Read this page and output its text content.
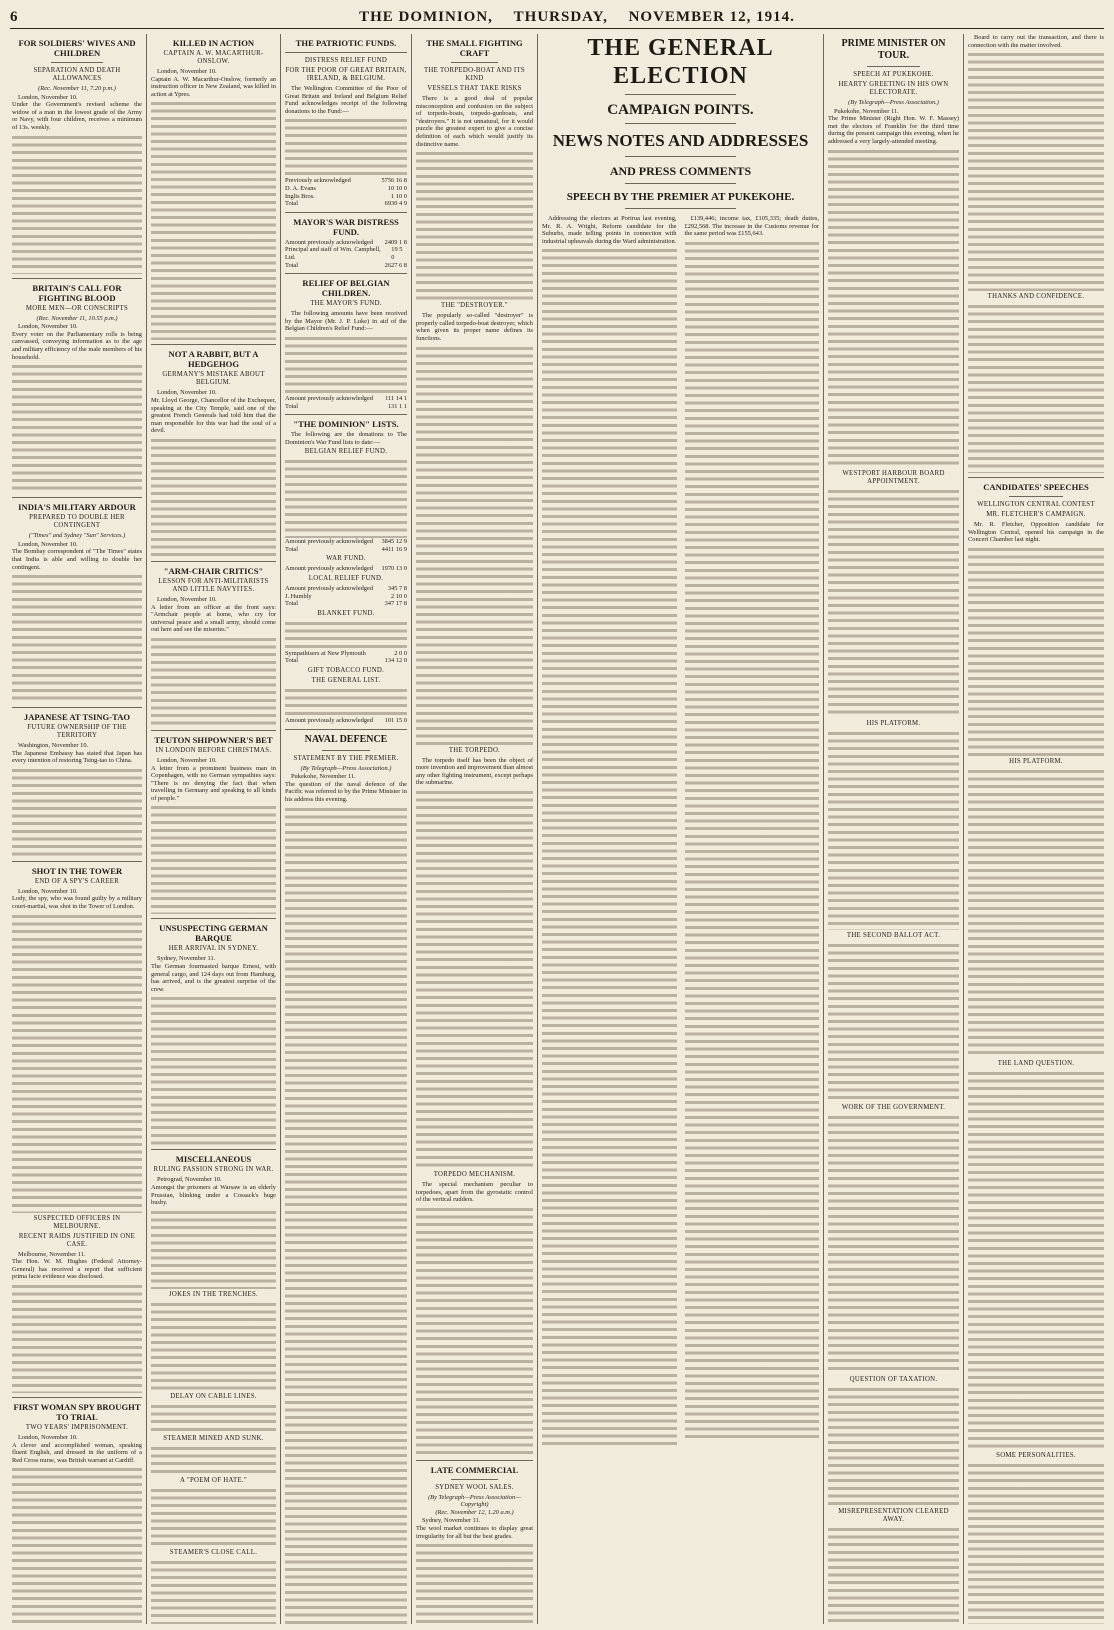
6	THE DOMINION, THURSDAY, NOVEMBER 12, 1914.
FOR SOLDIERS' WIVES AND CHILDREN
SEPARATION AND DEATH ALLOWANCES
(Rec. November 11, 7.20 p.m.)
London, November 10.
Under the Government's revised scheme the widow of a man in the lowest grade of the Army or Navy, with four children, receives a minimum of 13s. weekly.
BRITAIN'S CALL FOR FIGHTING BLOOD
MORE MEN—OR CONSCRIPTS
(Rec. November 11, 10.55 p.m.)
London, November 10.
Every voter on the Parliamentary rolls is being canvassed, conveying information as to the age and military efficiency of the male members of his household.
INDIA'S MILITARY ARDOUR
PREPARED TO DOUBLE HER CONTINGENT
("Times" and Sydney "Sun" Services.)
London, November 10.
The Bombay correspondent of "The Times" states that India is able and willing to double her contingent.
JAPANESE AT TSING-TAO
FUTURE OWNERSHIP OF THE TERRITORY
Washington, November 10.
The Japanese Embassy has stated that Japan has every intention of restoring Tsing-tao to China.
SHOT IN THE TOWER
END OF A SPY'S CAREER
London, November 10.
Lody, the spy, who was found guilty by a military court-martial, was shot in the Tower of London.
SUSPECTED OFFICERS IN MELBOURNE.
RECENT RAIDS JUSTIFIED IN ONE CASE.
Melbourne, November 11.
The Hon. W. M. Hughes (Federal Attorney-General) has received a report that sufficient prima facie evidence was disclosed.
FIRST WOMAN SPY BROUGHT TO TRIAL
TWO YEARS' IMPRISONMENT.
London, November 10.
A clever and accomplished woman, speaking fluent English, and dressed in the uniform of a Red Cross nurse, was British warrant at Cardiff.
KILLED IN ACTION
CAPTAIN A. W. MACARTHUR-ONSLOW.
London, November 10.
Captain A. W. Macarthur-Onslow, formerly an instruction officer in New Zealand, was killed in action at Ypres.
NOT A RABBIT, BUT A HEDGEHOG
GERMANY'S MISTAKE ABOUT BELGIUM.
London, November 10.
Mr. Lloyd George, Chancellor of the Exchequer, speaking at the City Temple, said one of the greatest French Generals had told him that the man responsible for this war had the soul of a devil.
"ARM-CHAIR CRITICS"
LESSON FOR ANTI-MILITARISTS AND LITTLE NAVYITES.
London, November 10.
A letter from an officer at the front says: "Armchair people at home, who cry for universal peace and a small army, should come out here and see the miseries."
TEUTON SHIPOWNER'S BET
IN LONDON BEFORE CHRISTMAS.
London, November 10.
A letter from a prominent business man in Copenhagen, with no German sympathies says: "There is no denying the fact that when travelling in Germany and speaking to all kinds of people."
UNSUSPECTING GERMAN BARQUE
HER ARRIVAL IN SYDNEY.
Sydney, November 11.
The German fourmasted barque Ernest, with general cargo, and 124 days out from Hamburg, has arrived, and is the greatest surprise of the crew.
MISCELLANEOUS
RULING PASSION STRONG IN WAR.
Petrograd, November 10.
Amongst the prisoners at Warsaw is an elderly Prussian, blinking under a Cossack's huge busby.
JOKES IN THE TRENCHES.
DELAY ON CABLE LINES.
STEAMER MINED AND SUNK.
A "POEM OF HATE."
STEAMER'S CLOSE CALL.
THE PATRIOTIC FUNDS.
DISTRESS RELIEF FUND
FOR THE POOR OF GREAT BRITAIN, IRELAND, & BELGIUM.
The Wellington Committee of the Poor of Great Britain and Ireland and Belgium Relief Fund acknowledges receipt of the following donations to the Fund:—
Previously acknowledged	5756 16 8
D. A. Evans	10 10 0
Inglis Bros.	1 10 0
Total	6930 4 9
MAYOR'S WAR DISTRESS FUND.
Amount previously acknowledged 2409 1 8
Principal and staff of Wm. Campbell, Ltd.
19 5 0
Total	2627 6 8
RELIEF OF BELGIAN CHILDREN.
THE MAYOR'S FUND.
The following amounts have been received by the Mayor (Mr. J. P. Luke) in aid of the Belgian Children's Relief Fund:—
Amount previously acknowledged 111 14 1
Total	131 1 1
"THE DOMINION" LISTS.
The following are the donations to The Dominion's War Fund lists to date:—
BELGIAN RELIEF FUND.
Amount previously acknowledged 3845 12 9
Total	4411 16 9
WAR FUND.
Amount previously acknowledged 1970 13 0
LOCAL RELIEF FUND.
Amount previously acknowledged 345 7 8
J. Humbly	2 10 0
Total	347 17 8
BLANKET FUND.
Sympathisers at New Plymouth	2 0 0
Total	134 12 0
GIFT TOBACCO FUND.
THE GENERAL LIST.
Amount previously acknowledged 101 15 0
NAVAL DEFENCE
STATEMENT BY THE PREMIER.
(By Telegraph—Press Association.)
Pukekohe, November 11.
The question of the naval defence of the Pacific was referred to by the Prime Minister in his address this evening.
THE SMALL FIGHTING CRAFT
THE TORPEDO-BOAT AND ITS KIND
VESSELS THAT TAKE RISKS
There is a good deal of popular misconception and confusion on the subject of torpedo-boats, torpedo-gunboats, and "destroyers." It is not unnatural, for it would puzzle the greatest expert to give a concise definition of each which would justify its distinctive name.
THE "DESTROYER."
The popularly so-called "destroyer" is properly called torpedo-boat destroyer, which when given its proper name defines its functions.
THE TORPEDO.
The torpedo itself has been the object of more invention and improvement than almost any other fighting instrument, except perhaps the submarine.
TORPEDO MECHANISM.
The special mechanism peculiar to torpedoes, apart from the gyrostatic control of the vertical rudders.
LATE COMMERCIAL
SYDNEY WOOL SALES.
(By Telegraph—Press Association—Copyright)
(Rec. November 12, 1.20 a.m.)
Sydney, November 11.
The wool market continues to display great irregularity for all but the best grades.
THE GENERAL ELECTION
CAMPAIGN POINTS.
NEWS NOTES AND ADDRESSES
AND PRESS COMMENTS
SPEECH BY THE PREMIER AT PUKEKOHE.
Addressing the electors at Porirua last evening, Mr. R. A. Wright, Reform candidate for the Suburbs, made telling points in connection with industrial upheavals during the Ward administration.
£139,446; income tax, £105,335; death duties, £292,568. The increase in the Customs revenue for the same period was £155,643.
PRIME MINISTER ON TOUR.
SPEECH AT PUKEKOHE.
HEARTY GREETING IN HIS OWN ELECTORATE.
(By Telegraph—Press Association.)
Pukekohe, November 11.
The Prime Minister (Right Hon. W. F. Massey) met the electors of Franklin for the third time during the present campaign this evening, when he addressed a very largely-attended meeting.
WESTPORT HARBOUR BOARD APPOINTMENT.
HIS PLATFORM.
THE SECOND BALLOT ACT.
WORK OF THE GOVERNMENT.
QUESTION OF TAXATION.
MISREPRESENTATION CLEARED AWAY.
Board to carry out the transaction, and there is connection with the matter involved.
THANKS AND CONFIDENCE.
CANDIDATES' SPEECHES
WELLINGTON CENTRAL CONTEST
MR. FLETCHER'S CAMPAIGN.
Mr. R. Fletcher, Opposition candidate for Wellington Central, opened his campaign in the Concert Chamber last night.
HIS PLATFORM.
THE LAND QUESTION.
SOME PERSONALITIES.
